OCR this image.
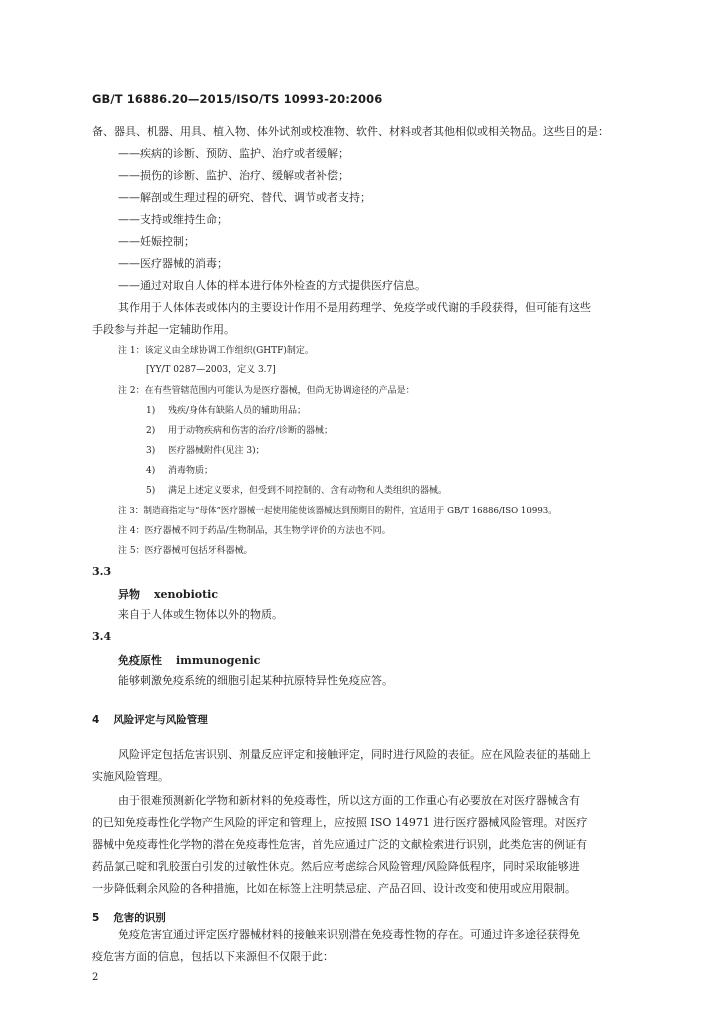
GB/T 16886.20—2015/ISO/TS 10993-20:2006
备、器具、机器、用具、植入物、体外试剂或校准物、软件、材料或者其他相似或相关物品。这些目的是：
——疾病的诊断、预防、监护、治疗或者缓解；
——损伤的诊断、监护、治疗、缓解或者补偿；
——解剖或生理过程的研究、替代、调节或者支持；
——支持或维持生命；
——妊娠控制；
——医疗器械的消毒；
——通过对取自人体的样本进行体外检查的方式提供医疗信息。
其作用于人体体表或体内的主要设计作用不是用药理学、免疫学或代谢的手段获得，但可能有这些
手段参与并起一定辅助作用。
注 1：该定义由全球协调工作组织(GHTF)制定。
[YY/T 0287—2003，定义 3.7]
注 2：在有些管辖范围内可能认为是医疗器械，但尚无协调途径的产品是：
1) 残疾/身体有缺陷人员的辅助用品；
2) 用于动物疾病和伤害的治疗/诊断的器械；
3) 医疗器械附件(见注 3)；
4) 消毒物质；
5) 满足上述定义要求，但受到不同控制的、含有动物和人类组织的器械。
注 3：制造商指定与“母体”医疗器械一起使用能使该器械达到预期目的附件，宜适用于 GB/T 16886/ISO 10993。
注 4：医疗器械不同于药品/生物制品，其生物学评价的方法也不同。
注 5：医疗器械可包括牙科器械。
3.3
异物 xenobiotic
来自于人体或生物体以外的物质。
3.4
免疫原性 immunogenic
能够刺激免疫系统的细胞引起某种抗原特异性免疫应答。
4 风险评定与风险管理
风险评定包括危害识别、剂量反应评定和接触评定，同时进行风险的表征。应在风险表征的基础上
实施风险管理。
由于很难预测新化学物和新材料的免疫毒性，所以这方面的工作重心有必要放在对医疗器械含有
的已知免疫毒性化学物产生风险的评定和管理上，应按照 ISO 14971 进行医疗器械风险管理。对医疗
器械中免疫毒性化学物的潜在免疫毒性危害，首先应通过广泛的文献检索进行识别，此类危害的例证有
药品氯己啶和乳胶蛋白引发的过敏性休克。然后应考虑综合风险管理/风险降低程序，同时采取能够进
一步降低剩余风险的各种措施，比如在标签上注明禁忌症、产品召回、设计改变和使用或应用限制。
5 危害的识别
免疫危害宜通过评定医疗器械材料的接触来识别潜在免疫毒性物的存在。可通过许多途径获得免
疫危害方面的信息，包括以下来源但不仅限于此：
2
